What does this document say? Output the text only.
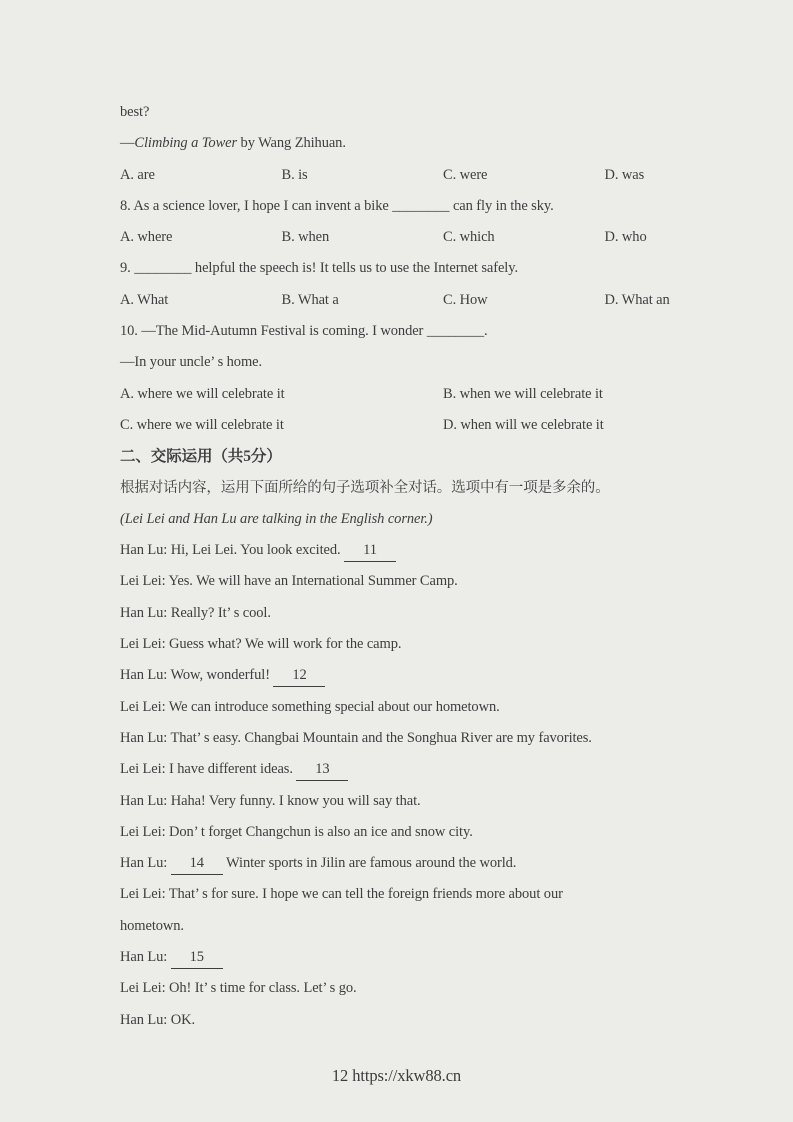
best?
—Climbing a Tower by Wang Zhihuan.
A. are	B. is	C. were	D. was
8. As a science lover, I hope I can invent a bike ________ can fly in the sky.
A. where	B. when	C. which	D. who
9. ________ helpful the speech is! It tells us to use the Internet safely.
A. What	B. What a	C. How	D. What an
10. —The Mid-Autumn Festival is coming. I wonder ________.
—In your uncle’ s home.
A. where we will celebrate it	B. when we will celebrate it
C. where we will celebrate it	D. when will we celebrate it
二、交际运用（共5分）
根据对话内容，运用下面所给的句子选项补全对话。选项中有一项是多余的。
(Lei Lei and Han Lu are talking in the English corner.)
Han Lu: Hi, Lei Lei. You look excited. 11
Lei Lei: Yes. We will have an International Summer Camp.
Han Lu: Really? It’ s cool.
Lei Lei: Guess what? We will work for the camp.
Han Lu: Wow, wonderful! 12
Lei Lei: We can introduce something special about our hometown.
Han Lu: That’ s easy. Changbai Mountain and the Songhua River are my favorites.
Lei Lei: I have different ideas. 13
Han Lu: Haha! Very funny. I know you will say that.
Lei Lei: Don’ t forget Changchun is also an ice and snow city.
Han Lu: 14 Winter sports in Jilin are famous around the world.
Lei Lei: That’ s for sure. I hope we can tell the foreign friends more about our
hometown.
Han Lu: 15
Lei Lei: Oh! It’ s time for class. Let’ s go.
Han Lu: OK.
12 https://xkw88.cn
